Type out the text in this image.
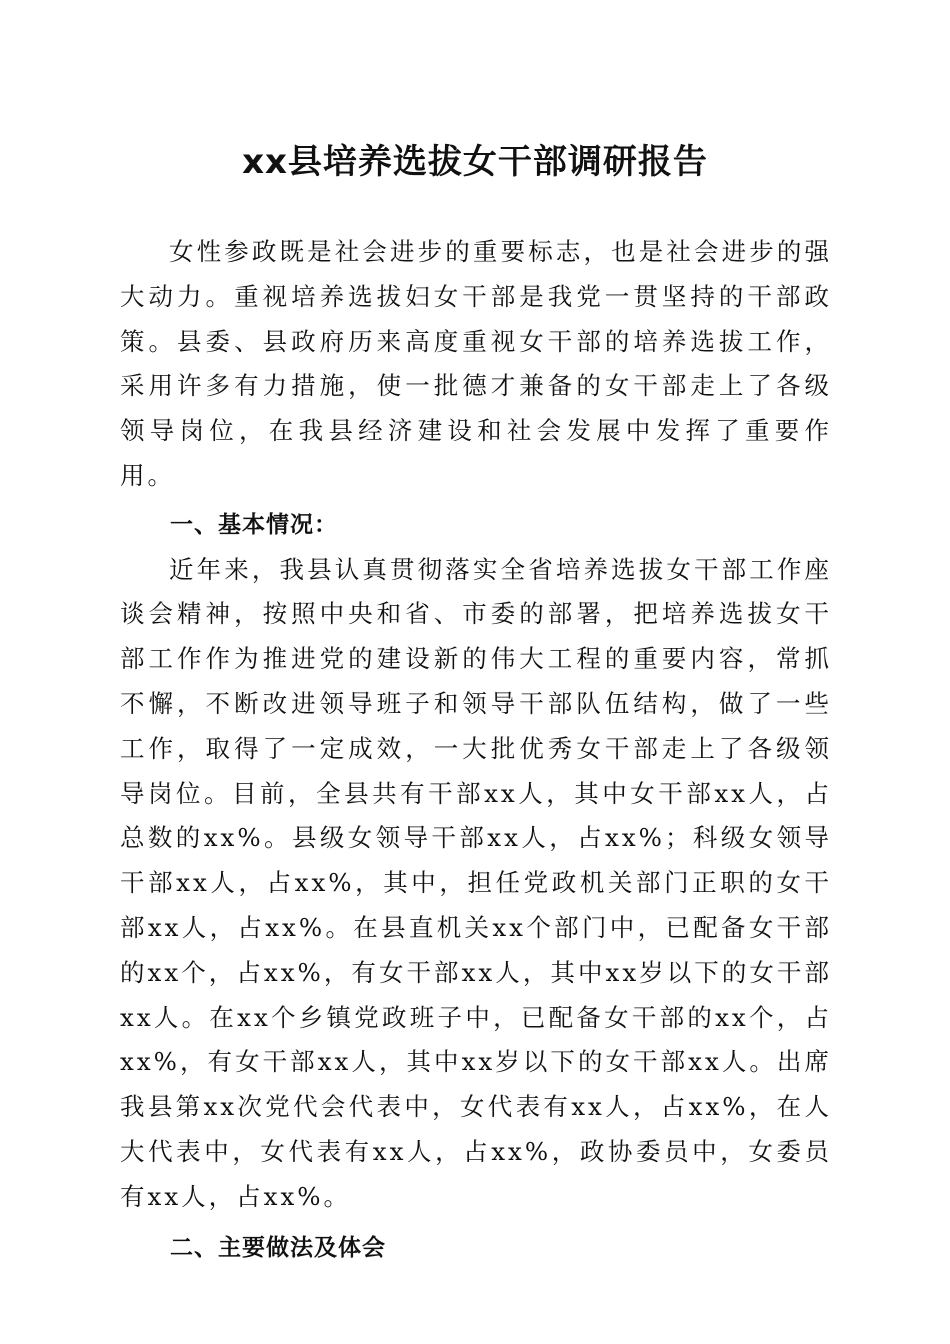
xx县培养选拔女干部调研报告

女性参政既是社会进步的重要标志，也是社会进步的强大动力。重视培养选拔妇女干部是我党一贯坚持的干部政策。县委、县政府历来高度重视女干部的培养选拔工作，采用许多有力措施，使一批德才兼备的女干部走上了各级领导岗位，在我县经济建设和社会发展中发挥了重要作用。

一、基本情况：

近年来，我县认真贯彻落实全省培养选拔女干部工作座谈会精神，按照中央和省、市委的部署，把培养选拔女干部工作作为推进党的建设新的伟大工程的重要内容，常抓不懈，不断改进领导班子和领导干部队伍结构，做了一些工作，取得了一定成效，一大批优秀女干部走上了各级领导岗位。目前，全县共有干部xx人，其中女干部xx人，占总数的xx%。县级女领导干部xx人，占xx%；科级女领导干部xx人，占xx%，其中，担任党政机关部门正职的女干部xx人，占xx%。在县直机关xx个部门中，已配备女干部的xx个，占xx%，有女干部xx人，其中xx岁以下的女干部xx人。在xx个乡镇党政班子中，已配备女干部的xx个，占xx%，有女干部xx人，其中xx岁以下的女干部xx人。出席我县第xx次党代会代表中，女代表有xx人，占xx%，在人大代表中，女代表有xx人，占xx%，政协委员中，女委员有xx人，占xx%。

二、主要做法及体会
